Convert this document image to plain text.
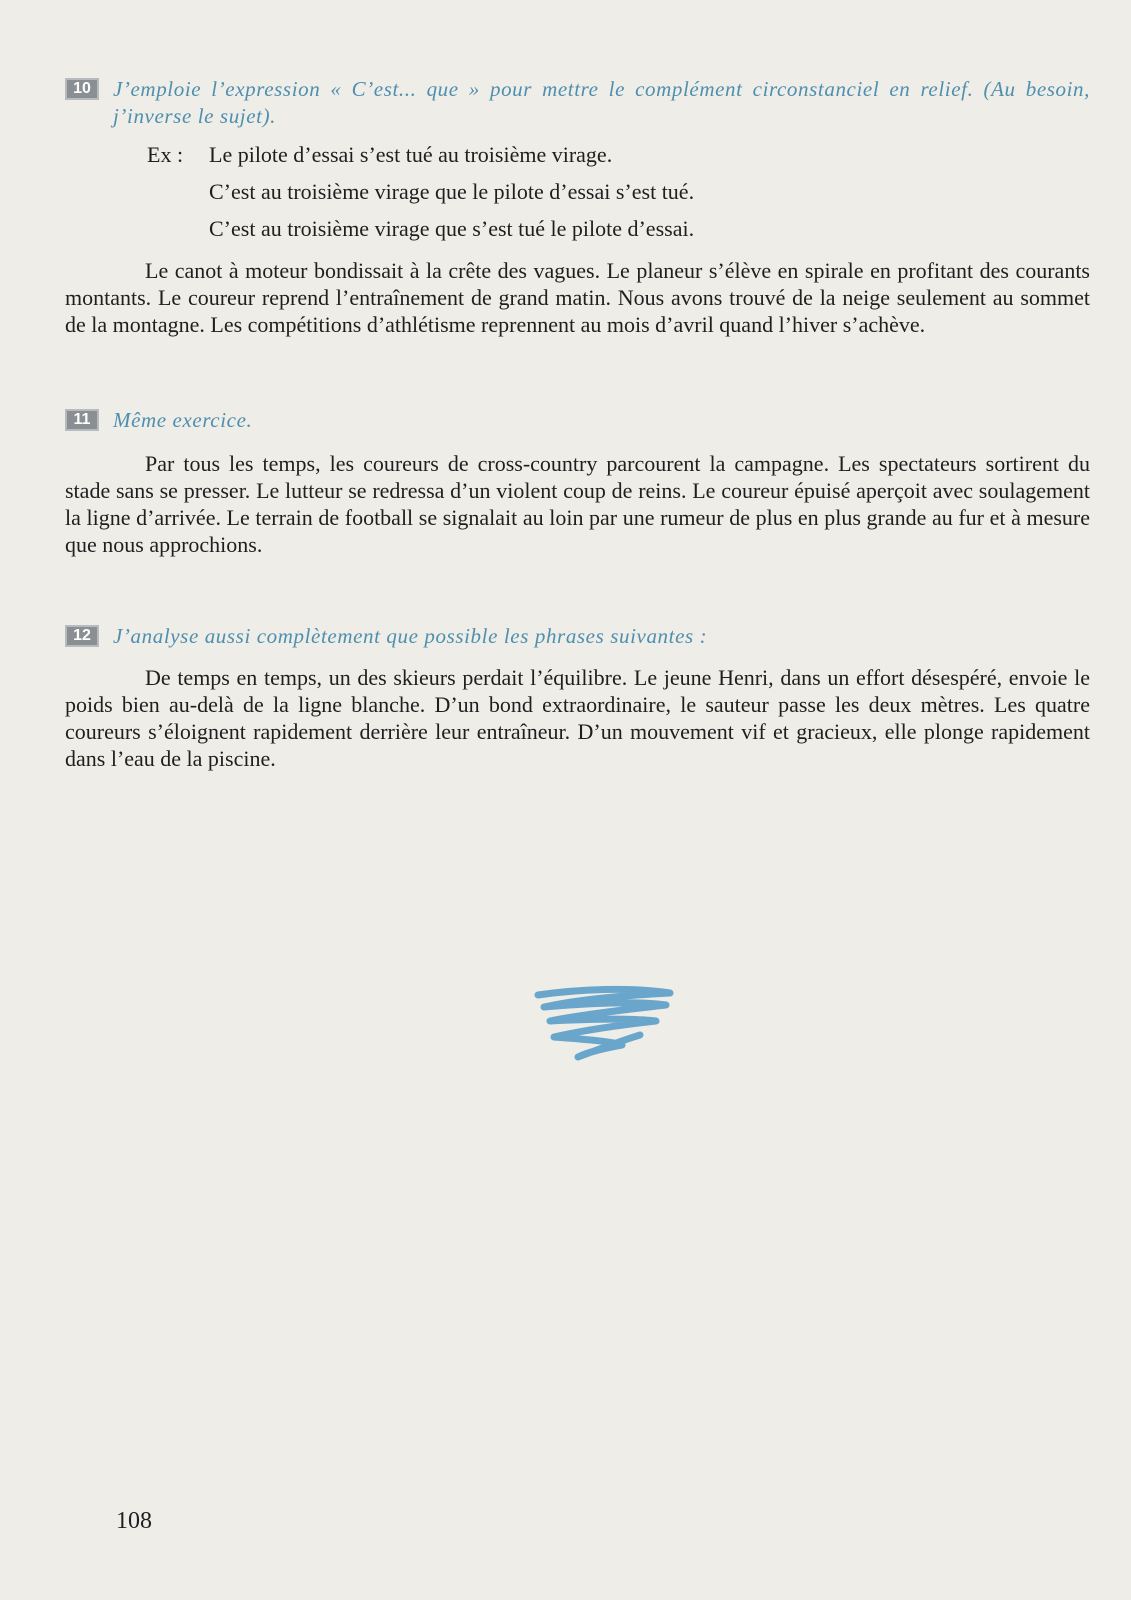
10	J’emploie l’expression « C’est... que » pour mettre le complément circonstanciel en relief. (Au besoin, j’inverse le sujet).
Ex : Le pilote d’essai s’est tué au troisième virage.
C’est au troisième virage que le pilote d’essai s’est tué.
C’est au troisième virage que s’est tué le pilote d’essai.

Le canot à moteur bondissait à la crête des vagues. Le planeur s’élève en spirale en profitant des courants montants. Le coureur reprend l’entraînement de grand matin. Nous avons trouvé de la neige seulement au sommet de la montagne. Les compétitions d’athlétisme reprennent au mois d’avril quand l’hiver s’achève.

11	Même exercice.

Par tous les temps, les coureurs de cross-country parcourent la campagne. Les spectateurs sortirent du stade sans se presser. Le lutteur se redressa d’un violent coup de reins. Le coureur épuisé aperçoit avec soulagement la ligne d’arrivée. Le terrain de football se signalait au loin par une rumeur de plus en plus grande au fur et à mesure que nous approchions.

12	J’analyse aussi complètement que possible les phrases suivantes :

De temps en temps, un des skieurs perdait l’équilibre. Le jeune Henri, dans un effort désespéré, envoie le poids bien au-delà de la ligne blanche. D’un bond extraordinaire, le sauteur passe les deux mètres. Les quatre coureurs s’éloignent rapidement derrière leur entraîneur. D’un mouvement vif et gracieux, elle plonge rapidement dans l’eau de la piscine.

108
